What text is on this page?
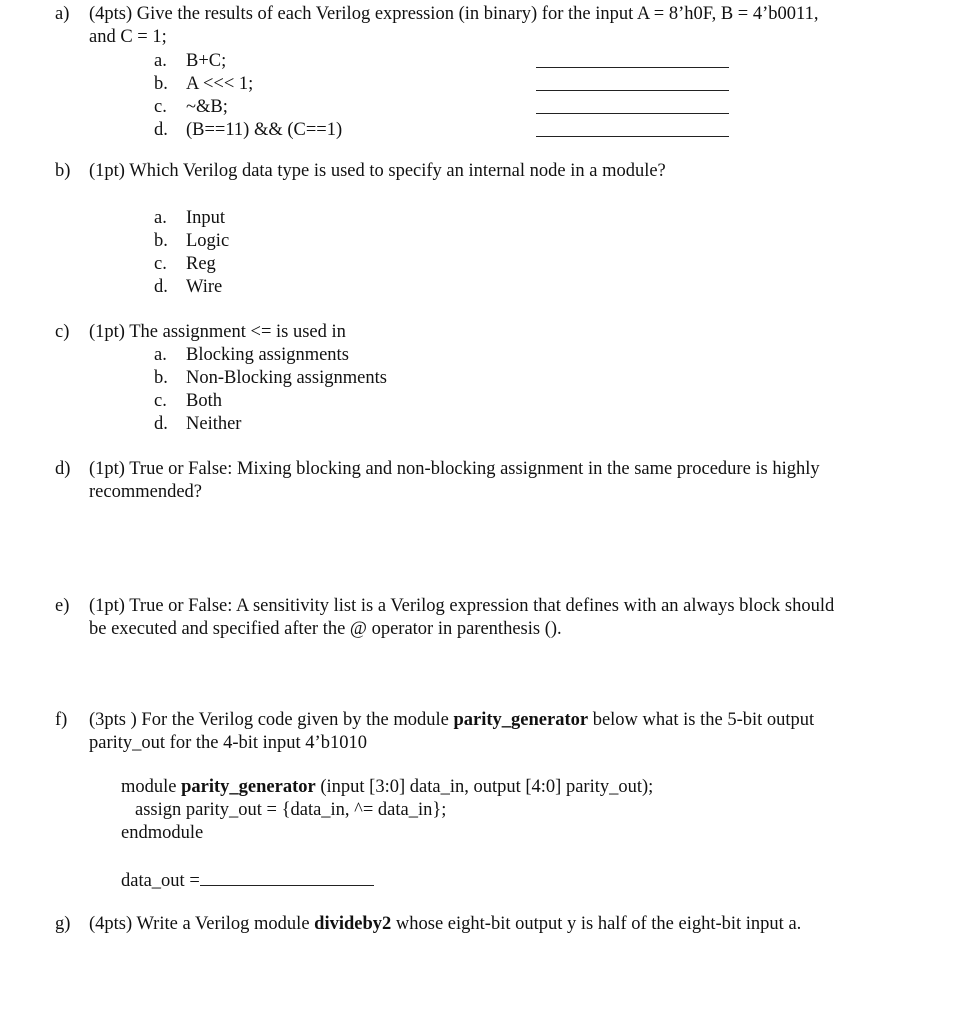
a) (4pts) Give the results of each Verilog expression (in binary) for the input A = 8’h0F, B = 4’b0011,
and C = 1;
a. B+C;
b. A <<< 1;
c. ~&B;
d. (B==11) && (C==1)
b) (1pt) Which Verilog data type is used to specify an internal node in a module?
a. Input
b. Logic
c. Reg
d. Wire
c) (1pt) The assignment <= is used in
a. Blocking assignments
b. Non-Blocking assignments
c. Both
d. Neither
d) (1pt) True or False: Mixing blocking and non-blocking assignment in the same procedure is highly
recommended?
e) (1pt) True or False: A sensitivity list is a Verilog expression that defines with an always block should
be executed and specified after the @ operator in parenthesis ().
f) (3pts ) For the Verilog code given by the module parity_generator below what is the 5-bit output
parity_out for the 4-bit input 4’b1010
module parity_generator (input [3:0] data_in, output [4:0] parity_out);
assign parity_out = {data_in, ^= data_in};
endmodule
data_out =
g) (4pts) Write a Verilog module divideby2 whose eight-bit output y is half of the eight-bit input a.
